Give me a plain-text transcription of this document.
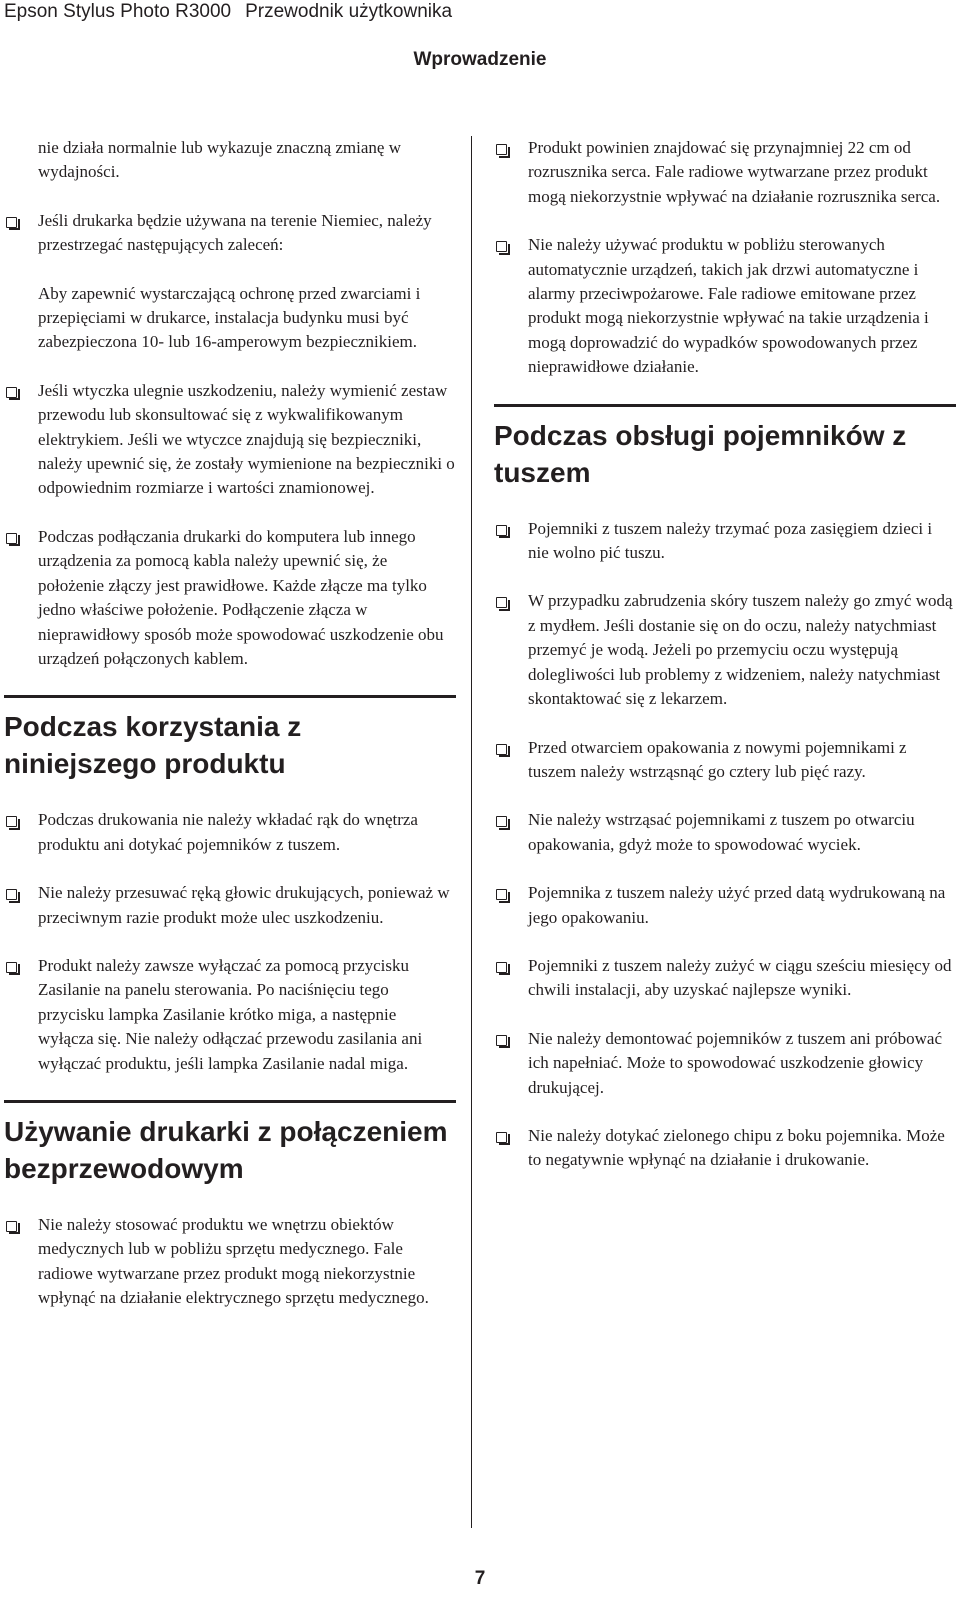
Epson Stylus Photo R3000 Przewodnik użytkownika
Wprowadzenie

nie działa normalnie lub wykazuje znaczną zmianę w wydajności.

Jeśli drukarka będzie używana na terenie Niemiec, należy przestrzegać następujących zaleceń:

Aby zapewnić wystarczającą ochronę przed zwarciami i przepięciami w drukarce, instalacja budynku musi być zabezpieczona 10- lub 16-amperowym bezpiecznikiem.

Jeśli wtyczka ulegnie uszkodzeniu, należy wymienić zestaw przewodu lub skonsultować się z wykwalifikowanym elektrykiem. Jeśli we wtyczce znajdują się bezpieczniki, należy upewnić się, że zostały wymienione na bezpieczniki o odpowiednim rozmiarze i wartości znamionowej.

Podczas podłączania drukarki do komputera lub innego urządzenia za pomocą kabla należy upewnić się, że położenie złączy jest prawidłowe. Każde złącze ma tylko jedno właściwe położenie. Podłączenie złącza w nieprawidłowy sposób może spowodować uszkodzenie obu urządzeń połączonych kablem.

Podczas korzystania z niniejszego produktu

Podczas drukowania nie należy wkładać rąk do wnętrza produktu ani dotykać pojemników z tuszem.

Nie należy przesuwać ręką głowic drukujących, ponieważ w przeciwnym razie produkt może ulec uszkodzeniu.

Produkt należy zawsze wyłączać za pomocą przycisku Zasilanie na panelu sterowania. Po naciśnięciu tego przycisku lampka Zasilanie krótko miga, a następnie wyłącza się. Nie należy odłączać przewodu zasilania ani wyłączać produktu, jeśli lampka Zasilanie nadal miga.

Używanie drukarki z połączeniem bezprzewodowym

Nie należy stosować produktu we wnętrzu obiektów medycznych lub w pobliżu sprzętu medycznego. Fale radiowe wytwarzane przez produkt mogą niekorzystnie wpłynąć na działanie elektrycznego sprzętu medycznego.

Produkt powinien znajdować się przynajmniej 22 cm od rozrusznika serca. Fale radiowe wytwarzane przez produkt mogą niekorzystnie wpływać na działanie rozrusznika serca.

Nie należy używać produktu w pobliżu sterowanych automatycznie urządzeń, takich jak drzwi automatyczne i alarmy przeciwpożarowe. Fale radiowe emitowane przez produkt mogą niekorzystnie wpływać na takie urządzenia i mogą doprowadzić do wypadków spowodowanych przez nieprawidłowe działanie.

Podczas obsługi pojemników z tuszem

Pojemniki z tuszem należy trzymać poza zasięgiem dzieci i nie wolno pić tuszu.

W przypadku zabrudzenia skóry tuszem należy go zmyć wodą z mydłem. Jeśli dostanie się on do oczu, należy natychmiast przemyć je wodą. Jeżeli po przemyciu oczu występują dolegliwości lub problemy z widzeniem, należy natychmiast skontaktować się z lekarzem.

Przed otwarciem opakowania z nowymi pojemnikami z tuszem należy wstrząsnąć go cztery lub pięć razy.

Nie należy wstrząsać pojemnikami z tuszem po otwarciu opakowania, gdyż może to spowodować wyciek.

Pojemnika z tuszem należy użyć przed datą wydrukowaną na jego opakowaniu.

Pojemniki z tuszem należy zużyć w ciągu sześciu miesięcy od chwili instalacji, aby uzyskać najlepsze wyniki.

Nie należy demontować pojemników z tuszem ani próbować ich napełniać. Może to spowodować uszkodzenie głowicy drukującej.

Nie należy dotykać zielonego chipu z boku pojemnika. Może to negatywnie wpłynąć na działanie i drukowanie.

7
